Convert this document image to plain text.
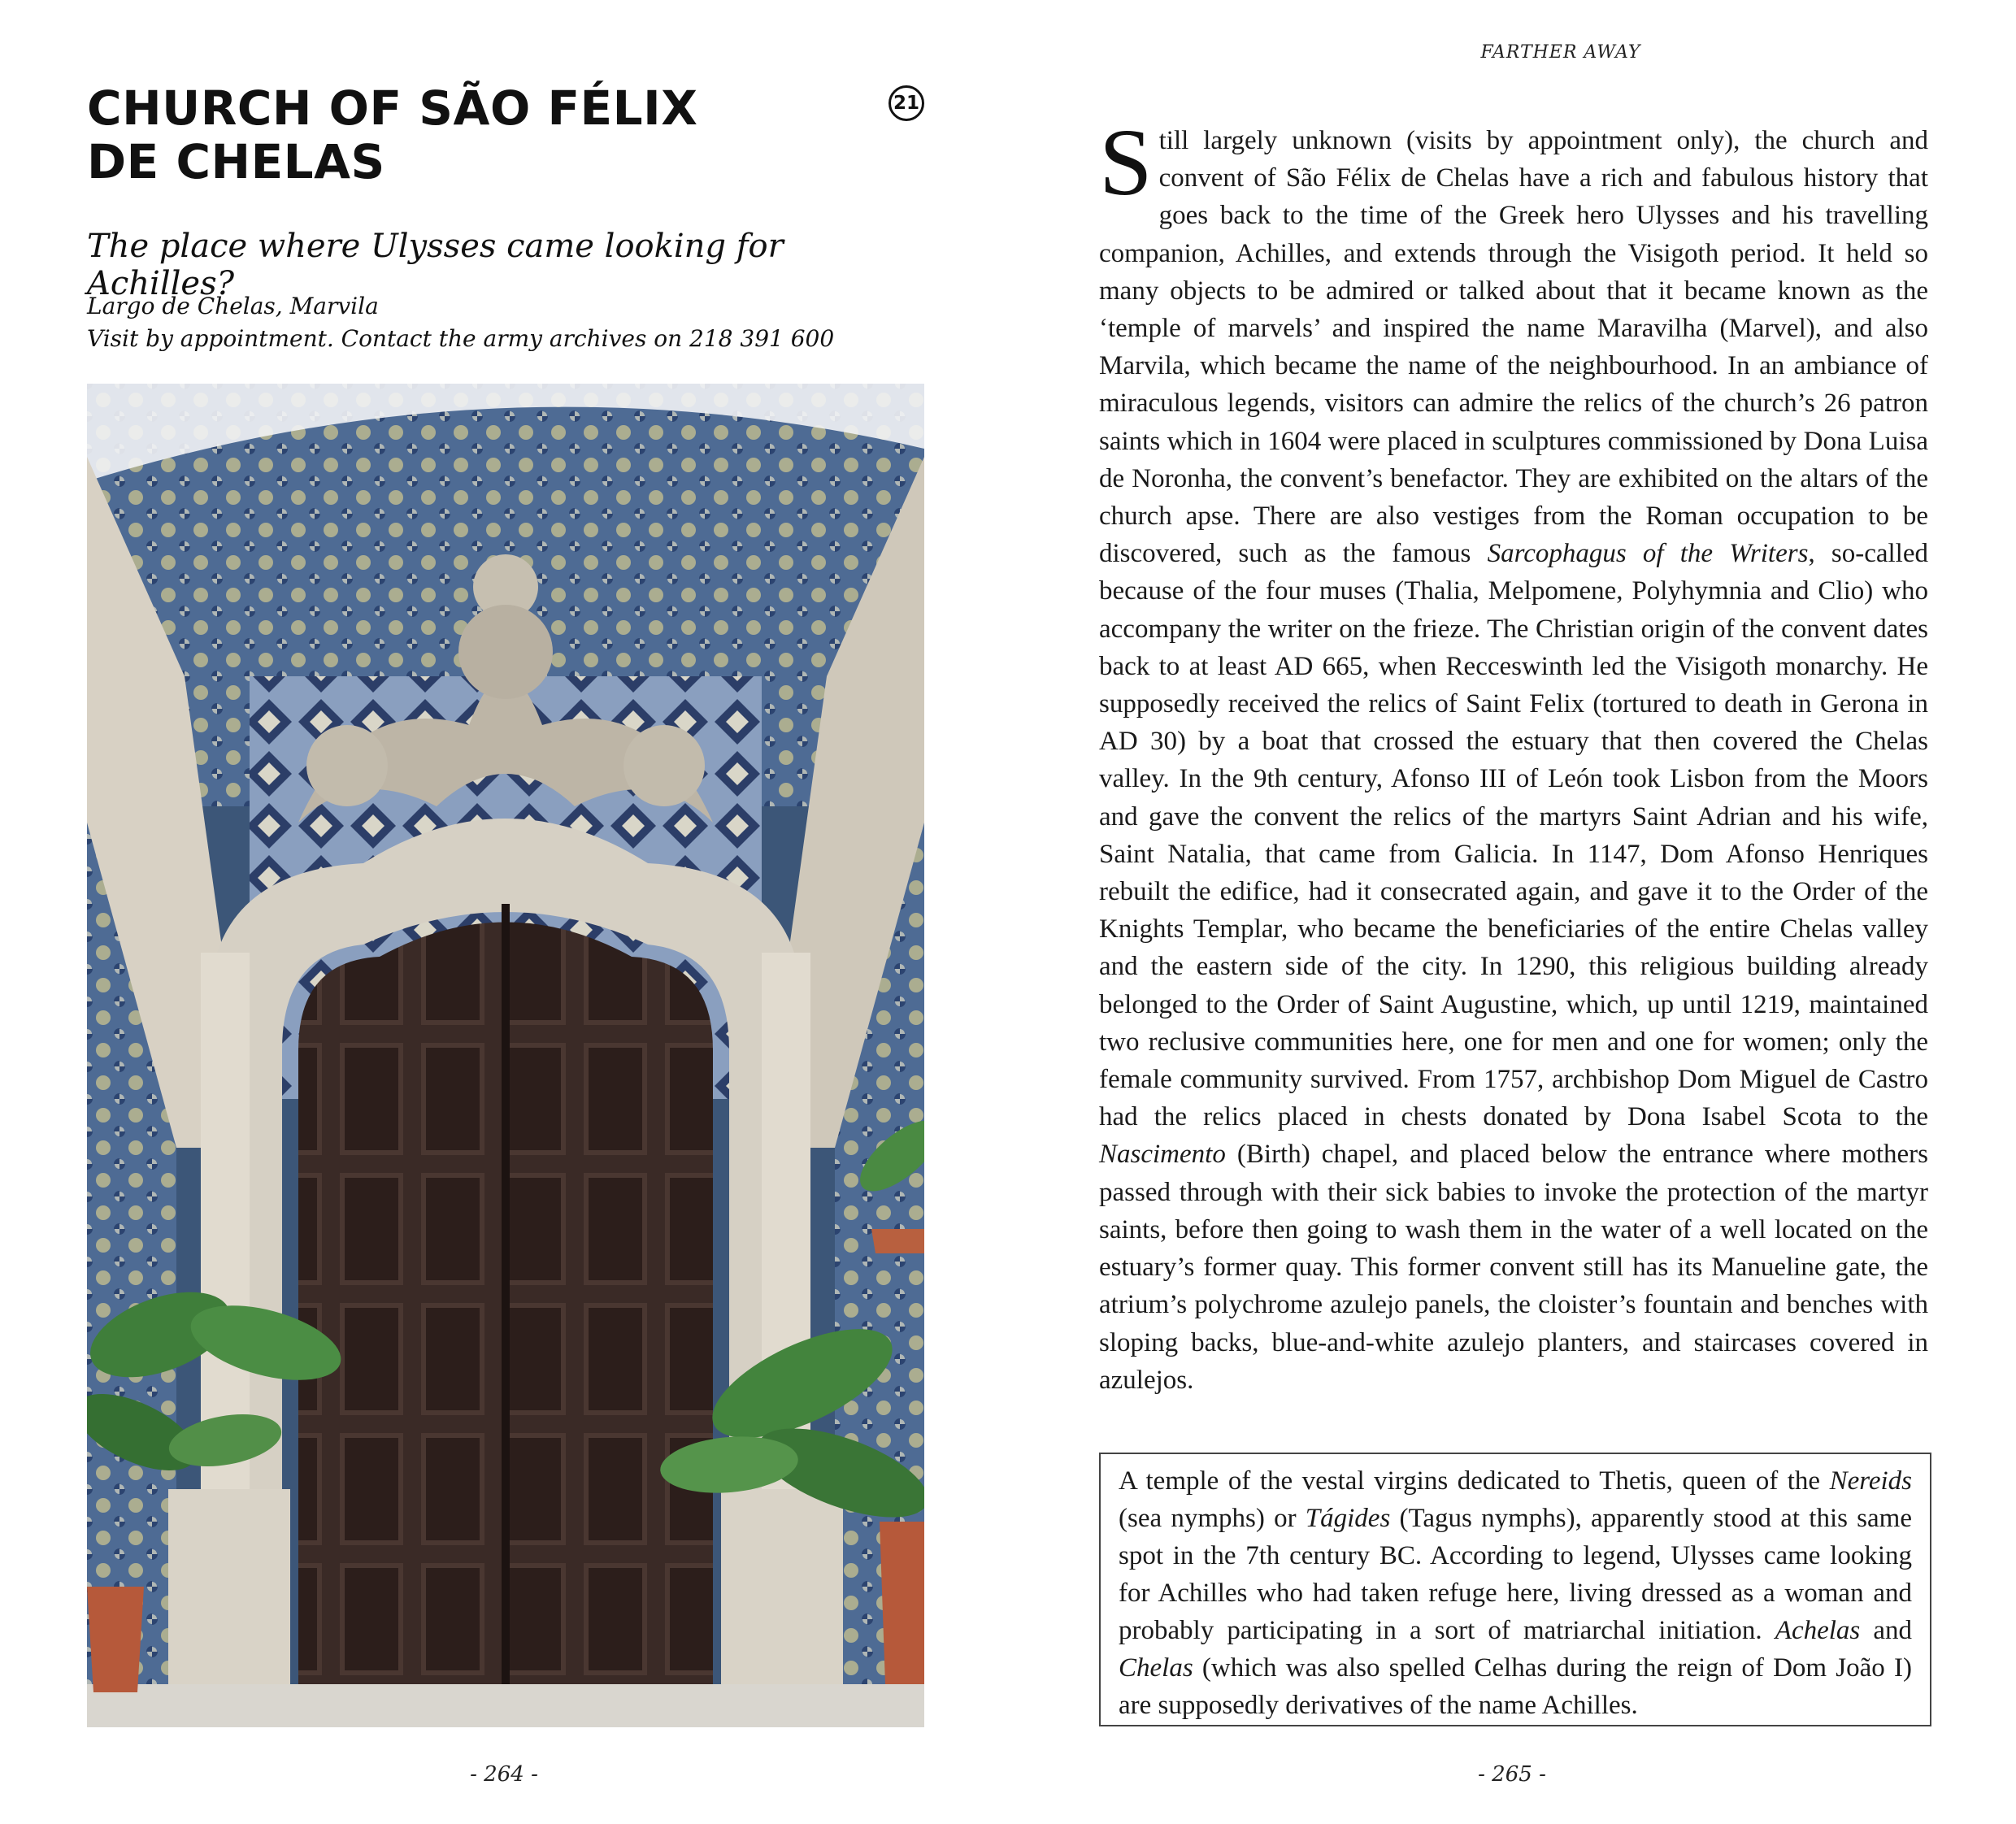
CHURCH OF SÃO FÉLIX
DE CHELAS
21
The place where Ulysses came looking for Achilles?
Largo de Chelas, Marvila
Visit by appointment. Contact the army archives on 218 391 600
- 264 -
FARTHER AWAY

Still largely unknown (visits by appointment only), the church and convent of São Félix de Chelas have a rich and fabulous history that goes back to the time of the Greek hero Ulysses and his travelling companion, Achilles, and extends through the Visigoth period. It held so many objects to be admired or talked about that it became known as the ‘temple of marvels’ and inspired the name Maravilha (Marvel), and also Marvila, which became the name of the neighbourhood. In an ambiance of miraculous legends, visitors can admire the relics of the church’s 26 patron saints which in 1604 were placed in sculptures commissioned by Dona Luisa de Noronha, the convent’s benefactor. They are exhibited on the altars of the church apse. There are also vestiges from the Roman occupation to be discovered, such as the famous Sarcophagus of the Writers, so-called because of the four muses (Thalia, Melpomene, Polyhymnia and Clio) who accompany the writer on the frieze. The Christian origin of the convent dates back to at least AD 665, when Recceswinth led the Visigoth monarchy. He supposedly received the relics of Saint Felix (tortured to death in Gerona in AD 30) by a boat that crossed the estuary that then covered the Chelas valley. In the 9th century, Afonso III of León took Lisbon from the Moors and gave the convent the relics of the martyrs Saint Adrian and his wife, Saint Natalia, that came from Galicia. In 1147, Dom Afonso Henriques rebuilt the edifice, had it consecrated again, and gave it to the Order of the Knights Templar, who became the beneficiaries of the entire Chelas valley and the eastern side of the city. In 1290, this religious building already belonged to the Order of Saint Augustine, which, up until 1219, maintained two reclusive communities here, one for men and one for women; only the female community survived. From 1757, archbishop Dom Miguel de Castro had the relics placed in chests donated by Dona Isabel Scota to the Nascimento (Birth) chapel, and placed below the entrance where mothers passed through with their sick babies to invoke the protection of the martyr saints, before then going to wash them in the water of a well located on the estuary’s former quay. This former convent still has its Manueline gate, the atrium’s polychrome azulejo panels, the cloister’s fountain and benches with sloping backs, blue-and-white azulejo planters, and staircases covered in azulejos.

A temple of the vestal virgins dedicated to Thetis, queen of the Nereids (sea nymphs) or Tágides (Tagus nymphs), apparently stood at this same spot in the 7th century BC. According to legend, Ulysses came looking for Achilles who had taken refuge here, living dressed as a woman and probably participating in a sort of matriarchal initiation. Achelas and Chelas (which was also spelled Celhas during the reign of Dom João I) are supposedly derivatives of the name Achilles.

- 265 -
